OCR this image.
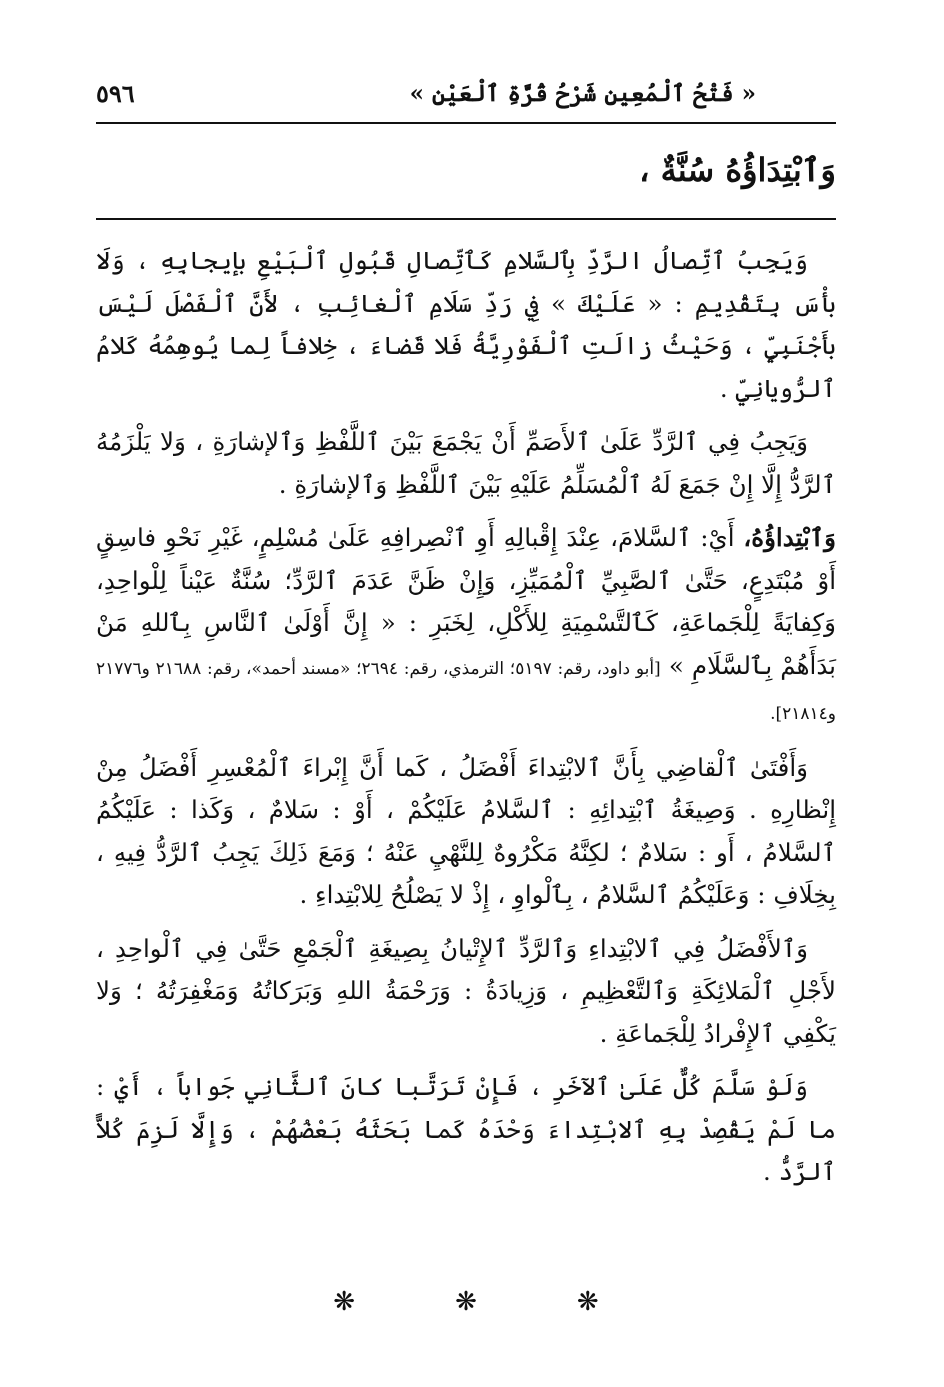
٥٩٦	« فَتْحُ ٱلْمُعِينِ شَرْحُ قُرَّةِ ٱلْعَيْنِ »
وَٱبْتِدَاؤُهُ سُنَّةٌ ،

وَيَجِبُ ٱتِّصالُ الرَّدِّ بِٱلسَّلامِ كَٱتِّصالِ قَبُولِ ٱلْبَيْعِ بإيجابِهِ ، وَلَا بأْسَ بِتَقْدِيمِ : « عَلَيْكَ » فِي رَدِّ سَلَامِ ٱلْغائِبِ ، لأَنَّ ٱلْفَصْلَ لَيْسَ بأَجْنَبِيٍّ ، وَحَيْثُ زالَتِ ٱلْفَوْرِيَّةُ فَلا قَضاءَ ، خِلافاً لِما يُوهِمُهُ كَلامُ ٱلرُّويانِيِّ .

وَيَجِبُ فِي ٱلرَّدِّ عَلَىٰ ٱلأَصَمِّ أَنْ يَجْمَعَ بَيْنَ ٱللَّفْظِ وَٱلإشارَةِ ، وَلا يَلْزَمُهُ ٱلرَّدُّ إِلَّا إِنْ جَمَعَ لَهُ ٱلْمُسَلِّمُ عَلَيْهِ بَيْنَ ٱللَّفْظِ وَٱلإشارَةِ .

وَٱبْتِداؤُهُ، أَيْ: ٱلسَّلامَ، عِنْدَ إِقْبالِهِ أَوِ ٱنْصِرافِهِ عَلَىٰ مُسْلِمٍ، غَيْرِ نَحْوِ فاسِقٍ أَوْ مُبْتَدِعٍ، حَتَّىٰ ٱلصَّبِيِّ ٱلْمُمَيِّزِ، وَإِنْ ظَنَّ عَدَمَ ٱلرَّدِّ؛ سُنَّةٌ عَيْناً لِلْواحِدِ، وَكِفايَةً لِلْجَماعَةِ، كَٱلتَّسْمِيَةِ لِلأَكْلِ، لِخَبَرِ : « إِنَّ أَوْلَىٰ ٱلنَّاسِ بِٱللهِ مَنْ بَدَأَهُمْ بِٱلسَّلَامِ » [أبو داود، رقم: ٥١٩٧؛ الترمذي، رقم: ٢٦٩٤؛ «مسند أحمد»، رقم: ٢١٦٨٨ و٢١٧٧٦ و٢١٨١٤].

وَأَفْتَىٰ ٱلْقاضِي بِأَنَّ ٱلابْتِداءَ أَفْضَلُ ، كَما أَنَّ إِبْراءَ ٱلْمُعْسِرِ أَفْضَلُ مِنْ إِنْظارِهِ . وَصِيغَةُ ٱبْتِدائِهِ : ٱلسَّلامُ عَلَيْكُمْ ، أَوْ : سَلامٌ ، وَكَذا : عَلَيْكُمُ ٱلسَّلامُ ، أَو : سَلامٌ ؛ لكِنَّهُ مَكْرُوهٌ لِلنَّهْيِ عَنْهُ ؛ وَمَعَ ذَلِكَ يَجِبُ ٱلرَّدُّ فِيهِ ، بِخِلَافِ : وَعَلَيْكُمُ ٱلسَّلامُ ، بِٱلْواوِ ، إِذْ لا يَصْلُحُ لِلابْتِداءِ .

وَٱلأَفْضَلُ فِي ٱلابْتِداءِ وَٱلرَّدِّ ٱلإِتْيانُ بِصِيغَةِ ٱلْجَمْعِ حَتَّىٰ فِي ٱلْواحِدِ ، لأَجْلِ ٱلْمَلائِكَةِ وَٱلتَّعْظِيمِ ، وَزِيادَةُ : وَرَحْمَةُ اللهِ وَبَرَكاتُهُ وَمَغْفِرَتُهُ ؛ وَلا يَكْفِي ٱلإِفْرادُ لِلْجَماعَةِ .

وَلَوْ سَلَّمَ كُلٌّ عَلَىٰ ٱلآخَرِ ، فَإِنْ تَرَتَّبا كانَ ٱلثَّانِي جَواباً ، أَيْ : ما لَمْ يَقْصِدْ بِهِ ٱلابْتِداءَ وَحْدَهُ كَما بَحَثَهُ بَعْضُهُمْ ، وَإِلَّا لَزِمَ كُلاًّ ٱلرَّدُّ .

❋	❋	❋
